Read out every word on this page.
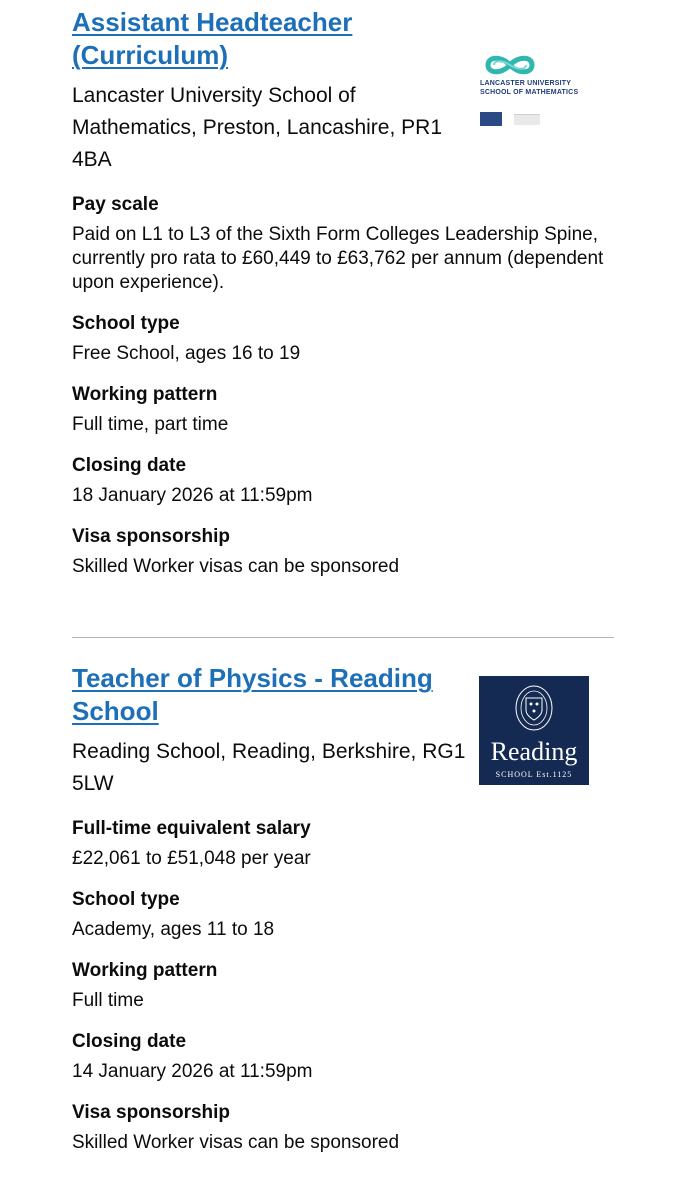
Assistant Headteacher (Curriculum)
Lancaster University School of Mathematics, Preston, Lancashire, PR1 4BA
Pay scale
Paid on L1 to L3 of the Sixth Form Colleges Leadership Spine, currently pro rata to £60,449 to £63,762 per annum (dependent upon experience).
School type
Free School, ages 16 to 19
Working pattern
Full time, part time
Closing date
18 January 2026 at 11:59pm
Visa sponsorship
Skilled Worker visas can be sponsored
LANCASTER UNIVERSITY
SCHOOL OF MATHEMATICS
Teacher of Physics - Reading School
Reading School, Reading, Berkshire, RG1 5LW
Full-time equivalent salary
£22,061 to £51,048 per year
School type
Academy, ages 11 to 18
Working pattern
Full time
Closing date
14 January 2026 at 11:59pm
Visa sponsorship
Skilled Worker visas can be sponsored
Reading
SCHOOL Est.1125
